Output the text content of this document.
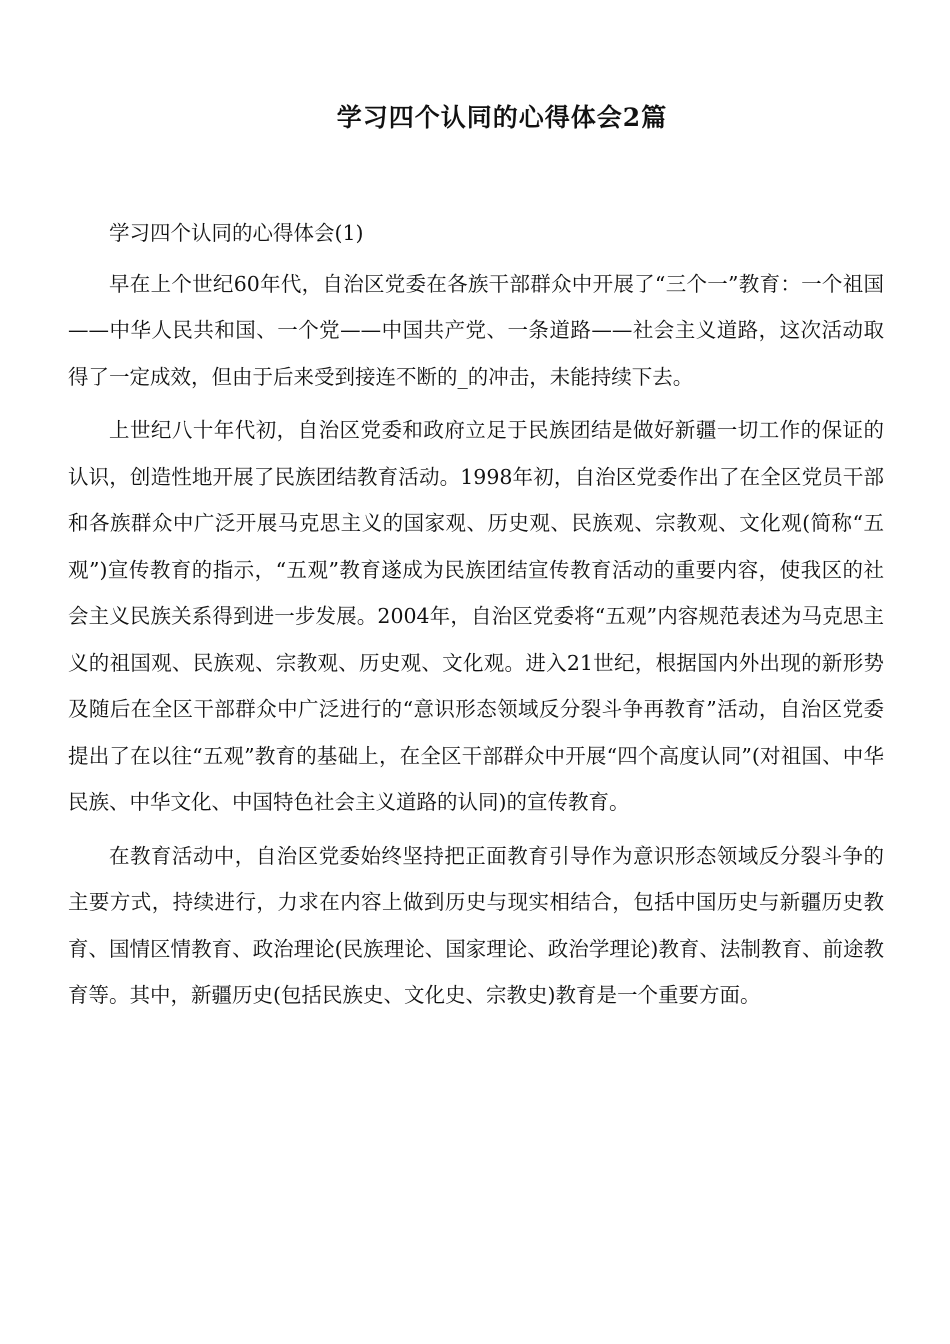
学习四个认同的心得体会2篇

学习四个认同的心得体会(1)

早在上个世纪60年代，自治区党委在各族干部群众中开展了“三个一”教育：一个祖国——中华人民共和国、一个党——中国共产党、一条道路——社会主义道路，这次活动取得了一定成效，但由于后来受到接连不断的_的冲击，未能持续下去。

上世纪八十年代初，自治区党委和政府立足于民族团结是做好新疆一切工作的保证的认识，创造性地开展了民族团结教育活动。1998年初，自治区党委作出了在全区党员干部和各族群众中广泛开展马克思主义的国家观、历史观、民族观、宗教观、文化观(简称“五观”)宣传教育的指示，“五观”教育遂成为民族团结宣传教育活动的重要内容，使我区的社会主义民族关系得到进一步发展。2004年，自治区党委将“五观”内容规范表述为马克思主义的祖国观、民族观、宗教观、历史观、文化观。进入21世纪，根据国内外出现的新形势及随后在全区干部群众中广泛进行的“意识形态领域反分裂斗争再教育”活动，自治区党委提出了在以往“五观”教育的基础上，在全区干部群众中开展“四个高度认同”(对祖国、中华民族、中华文化、中国特色社会主义道路的认同)的宣传教育。

在教育活动中，自治区党委始终坚持把正面教育引导作为意识形态领域反分裂斗争的主要方式，持续进行，力求在内容上做到历史与现实相结合，包括中国历史与新疆历史教育、国情区情教育、政治理论(民族理论、国家理论、政治学理论)教育、法制教育、前途教育等。其中，新疆历史(包括民族史、文化史、宗教史)教育是一个重要方面。
